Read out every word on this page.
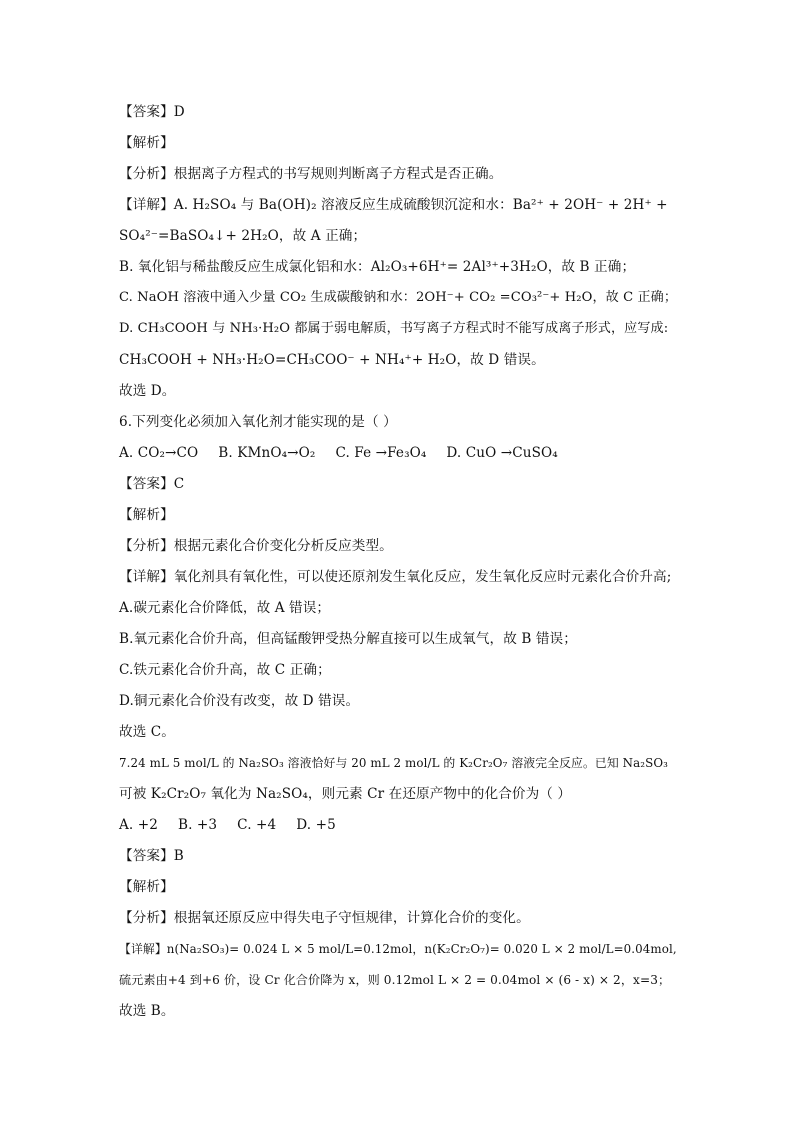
【答案】D
【解析】
【分析】根据离子方程式的书写规则判断离子方程式是否正确。
【详解】A. H₂SO₄ 与 Ba(OH)₂ 溶液反应生成硫酸钡沉淀和水：Ba²⁺ + 2OH⁻ + 2H⁺ +
SO₄²⁻=BaSO₄↓+ 2H₂O，故 A 正确；
B. 氧化铝与稀盐酸反应生成氯化铝和水：Al₂O₃+6H⁺= 2Al³⁺+3H₂O，故 B 正确；
C. NaOH 溶液中通入少量 CO₂ 生成碳酸钠和水：2OH⁻+ CO₂ =CO₃²⁻+ H₂O，故 C 正确；
D. CH₃COOH 与 NH₃·H₂O 都属于弱电解质，书写离子方程式时不能写成离子形式，应写成:
CH₃COOH + NH₃·H₂O=CH₃COO⁻ + NH₄⁺+ H₂O，故 D 错误。
故选 D。
6.下列变化必须加入氧化剂才能实现的是（ ）
A. CO₂→CO B. KMnO₄→O₂ C. Fe →Fe₃O₄ D. CuO →CuSO₄
【答案】C
【解析】
【分析】根据元素化合价变化分析反应类型。
【详解】氧化剂具有氧化性，可以使还原剂发生氧化反应，发生氧化反应时元素化合价升高;
A.碳元素化合价降低，故 A 错误；
B.氧元素化合价升高，但高锰酸钾受热分解直接可以生成氧气，故 B 错误；
C.铁元素化合价升高，故 C 正确；
D.铜元素化合价没有改变，故 D 错误。
故选 C。
7.24 mL 5 mol/L 的 Na₂SO₃ 溶液恰好与 20 mL 2 mol/L 的 K₂Cr₂O₇ 溶液完全反应。已知 Na₂SO₃
可被 K₂Cr₂O₇ 氧化为 Na₂SO₄，则元素 Cr 在还原产物中的化合价为（ ）
A. +2 B. +3 C. +4 D. +5
【答案】B
【解析】
【分析】根据氧还原反应中得失电子守恒规律，计算化合价的变化。
【详解】n(Na₂SO₃)= 0.024 L × 5 mol/L=0.12mol，n(K₂Cr₂O₇)= 0.020 L × 2 mol/L=0.04mol,
硫元素由+4 到+6 价，设 Cr 化合价降为 x，则 0.12mol L × 2 = 0.04mol × (6 - x) × 2，x=3；
故选 B。
